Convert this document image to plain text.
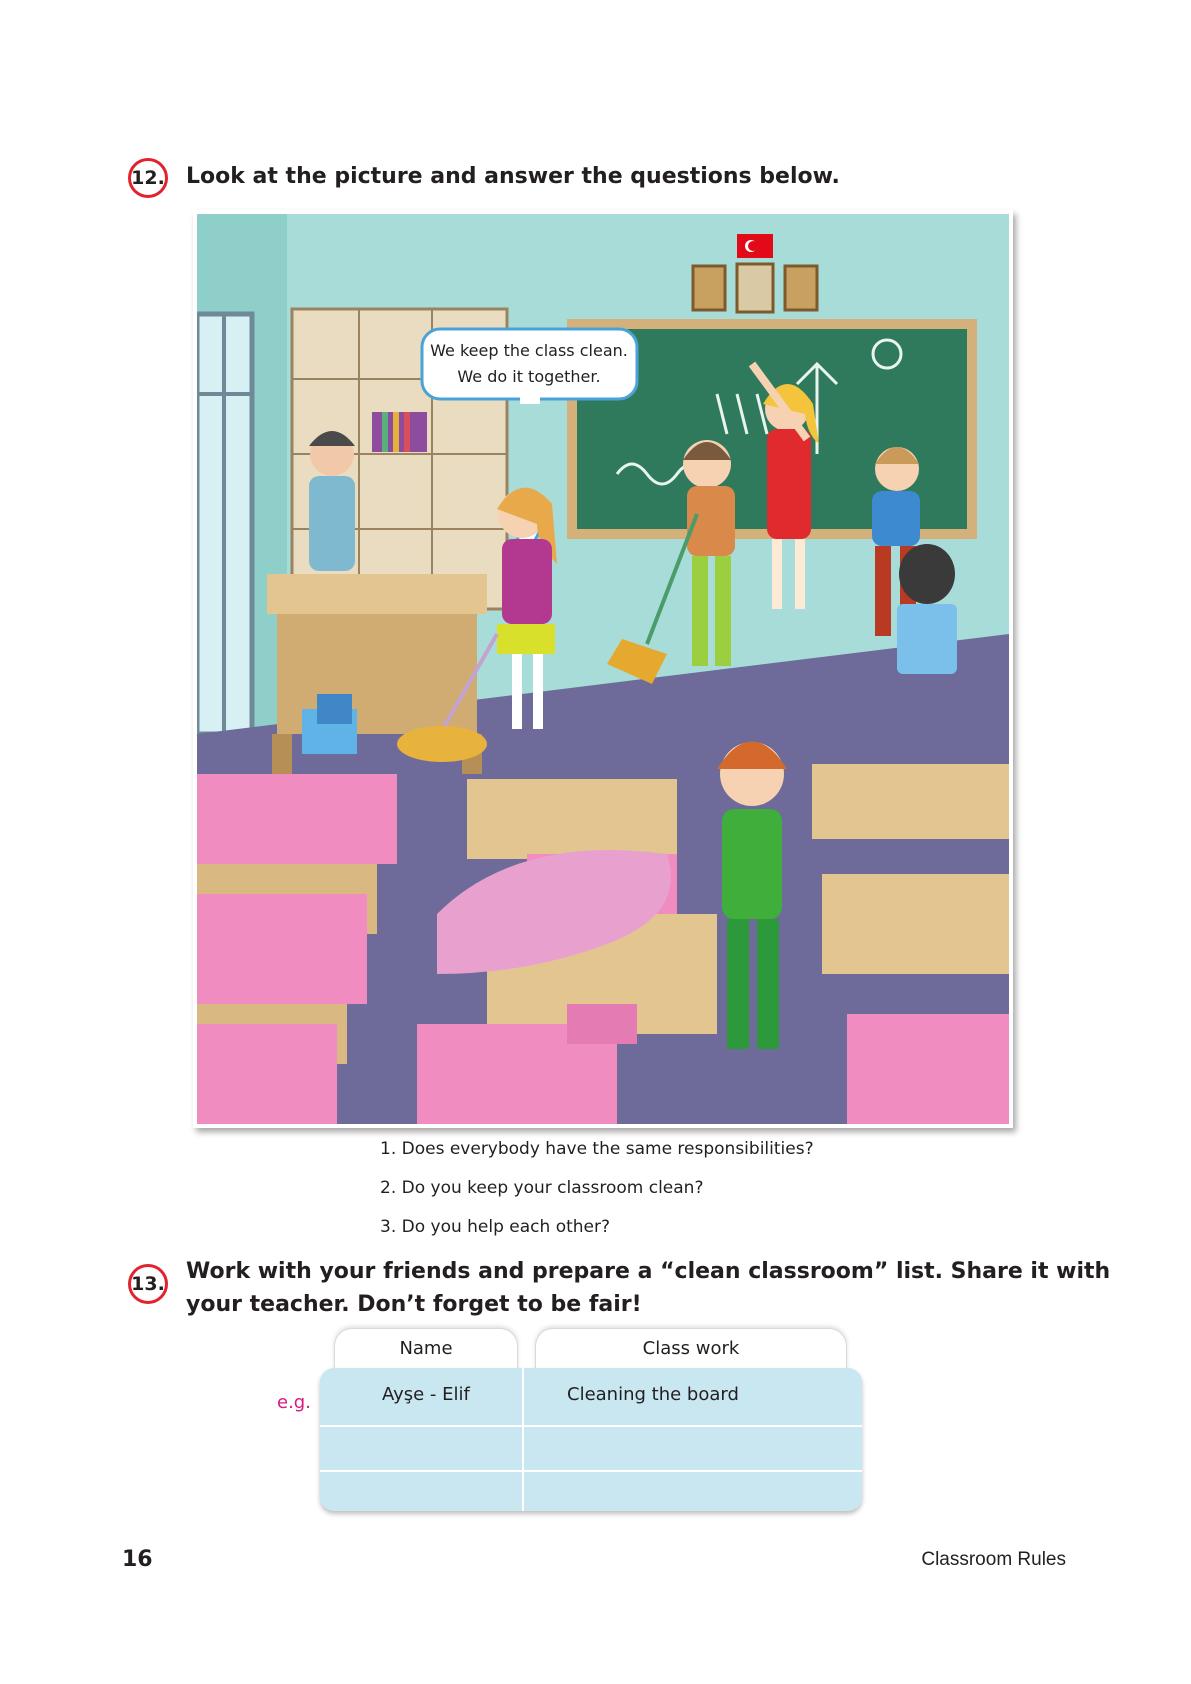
12. Look at the picture and answer the questions below.
We keep the class clean.
We do it together.
1. Does everybody have the same responsibilities?
2. Do you keep your classroom clean?
3. Do you help each other?
13. Work with your friends and prepare a “clean classroom” list. Share it with
your teacher. Don’t forget to be fair!
Name	Class work
Ayşe - Elif	Cleaning the board
e.g.
16	Classroom Rules
